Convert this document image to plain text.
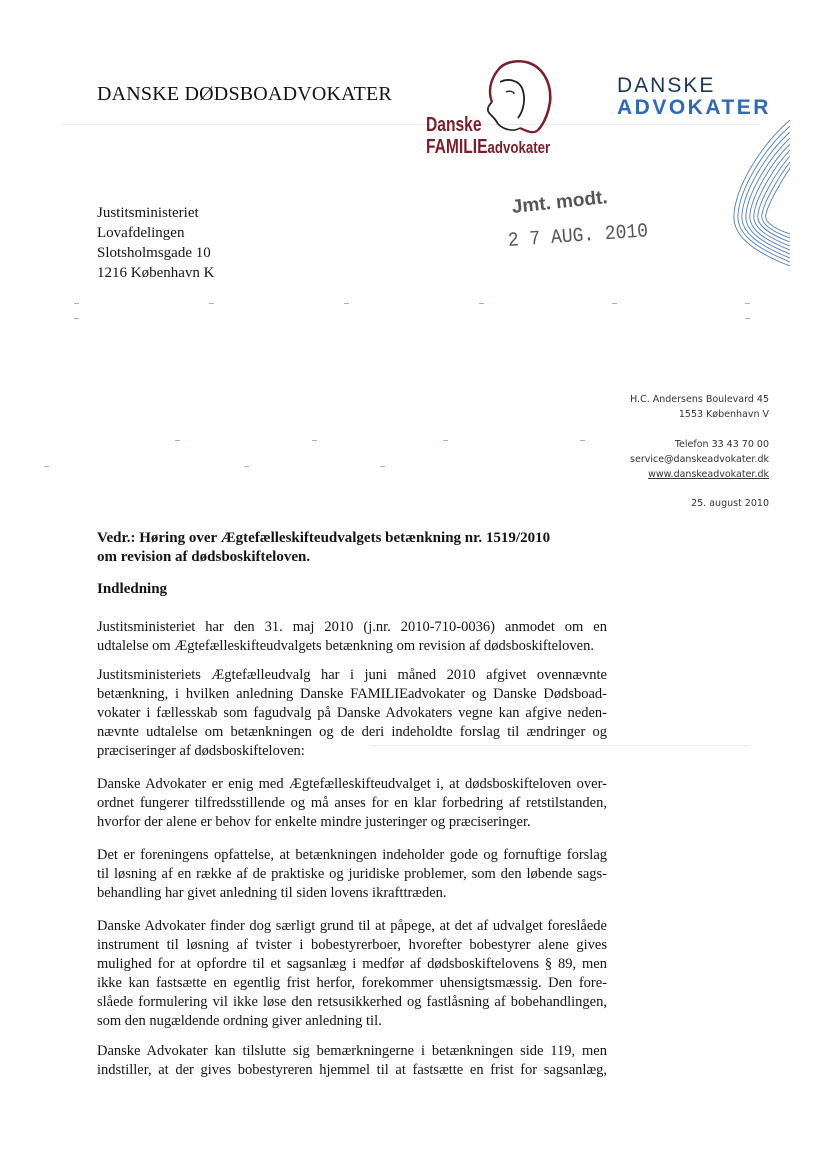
DANSKE DØDSBOADVOKATER
Danske
FAMILIEadvokater
DANSKE
ADVOKATER
Justitsministeriet
Lovafdelingen
Slotsholmsgade 10
1216 København K
Jmt. modt.
2 7 AUG. 2010
H.C. Andersens Boulevard 45
1553 København V
Telefon 33 43 70 00
service@danskeadvokater.dk
www.danskeadvokater.dk
25. august 2010
Vedr.: Høring over Ægtefælleskifteudvalgets betænkning nr. 1519/2010
om revision af dødsboskifteloven.
Indledning
Justitsministeriet har den 31. maj 2010 (j.nr. 2010-710-0036) anmodet om en
udtalelse om Ægtefælleskifteudvalgets betænkning om revision af dødsboskifteloven.
Justitsministeriets Ægtefælleudvalg har i juni måned 2010 afgivet ovennævnte
betænkning, i hvilken anledning Danske FAMILIEadvokater og Danske Dødsboad-
vokater i fællesskab som fagudvalg på Danske Advokaters vegne kan afgive neden-
nævnte udtalelse om betænkningen og de deri indeholdte forslag til ændringer og
præciseringer af dødsboskifteloven:
Danske Advokater er enig med Ægtefælleskifteudvalget i, at dødsboskifteloven over-
ordnet fungerer tilfredsstillende og må anses for en klar forbedring af retstilstanden,
hvorfor der alene er behov for enkelte mindre justeringer og præciseringer.
Det er foreningens opfattelse, at betænkningen indeholder gode og fornuftige forslag
til løsning af en række af de praktiske og juridiske problemer, som den løbende sags-
behandling har givet anledning til siden lovens ikrafttræden.
Danske Advokater finder dog særligt grund til at påpege, at det af udvalget foreslåede
instrument til løsning af tvister i bobestyrerboer, hvorefter bobestyrer alene gives
mulighed for at opfordre til et sagsanlæg i medfør af dødsboskiftelovens § 89, men
ikke kan fastsætte en egentlig frist herfor, forekommer uhensigtsmæssig. Den fore-
slåede formulering vil ikke løse den retsusikkerhed og fastlåsning af bobehandlingen,
som den nugældende ordning giver anledning til.
Danske Advokater kan tilslutte sig bemærkningerne i betænkningen side 119, men
indstiller, at der gives bobestyreren hjemmel til at fastsætte en frist for sagsanlæg,
